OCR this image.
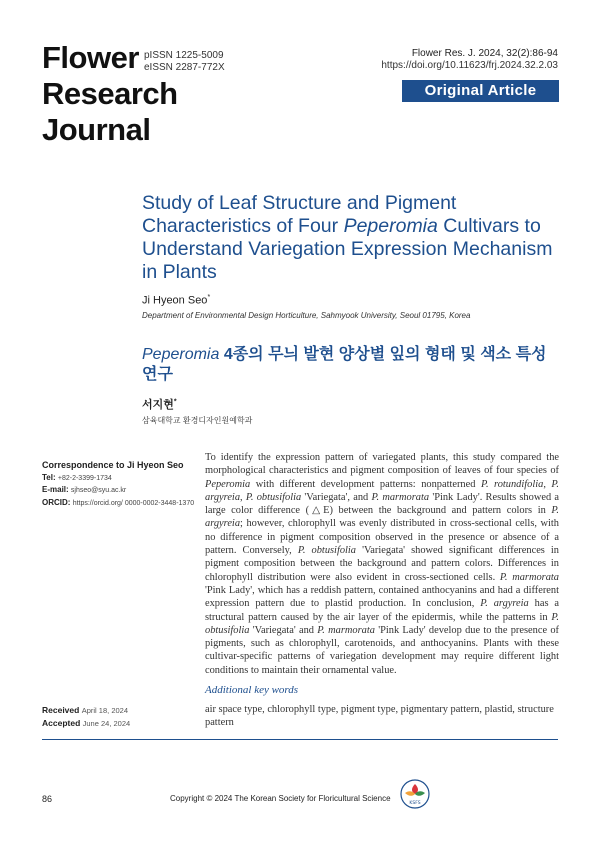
Flower
Research
Journal
pISSN 1225-5009
eISSN 2287-772X
Flower Res. J. 2024, 32(2):86-94
https://doi.org/10.11623/frj.2024.32.2.03
Original Article
Study of Leaf Structure and Pigment Characteristics of Four Peperomia Cultivars to Understand Variegation Expression Mechanism in Plants
Ji Hyeon Seo*
Department of Environmental Design Horticulture, Sahmyook University, Seoul 01795, Korea
Peperomia 4종의 무늬 발현 양상별 잎의 형태 및 색소 특성 연구
서지현*
삼육대학교 환경디자인원예학과
Correspondence to Ji Hyeon Seo
Tel: +82-2-3399-1734
E-mail: sjhseo@syu.ac.kr
ORCID: https://orcid.org/ 0000-0002-3448-1370
To identify the expression pattern of variegated plants, this study compared the morphological characteristics and pigment composition of leaves of four species of Peperomia with different development patterns: nonpatterned P. rotundifolia, P. argyreia, P. obtusifolia 'Variegata', and P. marmorata 'Pink Lady'. Results showed a large color difference (△E) between the background and pattern colors in P. argyreia; however, chlorophyll was evenly distributed in cross-sectional cells, with no difference in pigment composition observed in the presence or absence of a pattern. Conversely, P. obtusifolia 'Variegata' showed significant differences in pigment composition between the background and pattern colors. Differences in chlorophyll distribution were also evident in cross-sectioned cells. P. marmorata 'Pink Lady', which has a reddish pattern, contained anthocyanins and had a different expression pattern due to plastid production. In conclusion, P. argyreia has a structural pattern caused by the air layer of the epidermis, while the patterns in P. obtusifolia 'Variegata' and P. marmorata 'Pink Lady' develop due to the presence of pigments, such as chlorophyll, carotenoids, and anthocyanins. Plants with these cultivar-specific patterns of variegation development may require different light conditions to maintain their ornamental value.
Additional key words
air space type, chlorophyll type, pigment type, pigmentary pattern, plastid, structure pattern
Received April 18, 2024
Accepted June 24, 2024
86	Copyright © 2024 The Korean Society for Floricultural Science
KSFS
